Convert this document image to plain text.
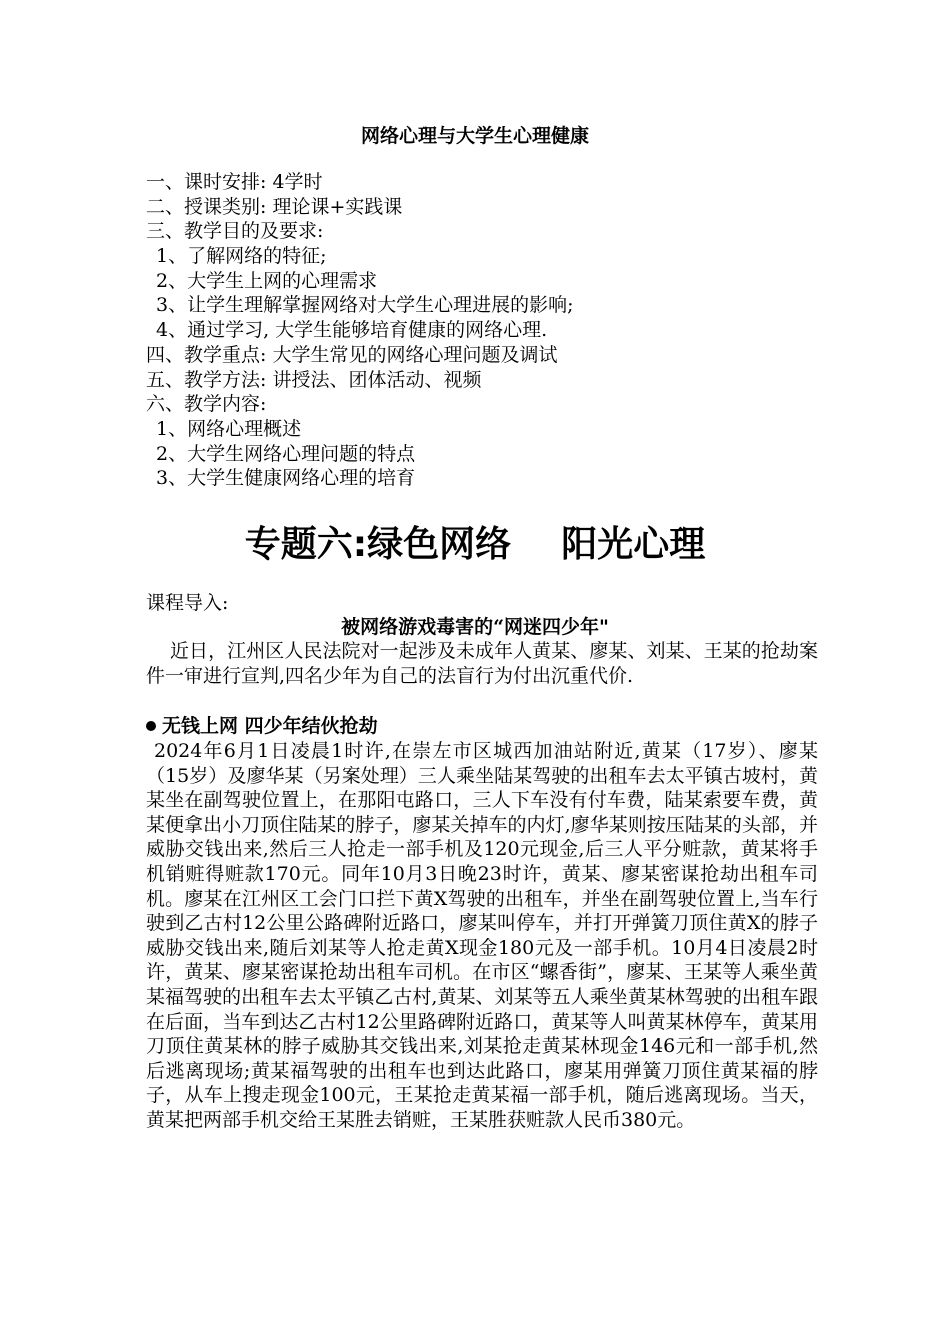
网络心理与大学生心理健康
一、课时安排: 4学时
二、授课类别: 理论课+实践课
三、教学目的及要求:
1、了解网络的特征;
2、大学生上网的心理需求
3、让学生理解掌握网络对大学生心理进展的影响;
4、通过学习, 大学生能够培育健康的网络心理.
四、教学重点: 大学生常见的网络心理问题及调试
五、教学方法: 讲授法、团体活动、视频
六、教学内容:
1、网络心理概述
2、大学生网络心理问题的特点
3、大学生健康网络心理的培育
专题六:绿色网络    阳光心理
课程导入:
被网络游戏毒害的“网迷四少年"
近日，江州区人民法院对一起涉及未成年人黄某、廖某、刘某、王某的抢劫案件一审进行宣判,四名少年为自己的法盲行为付出沉重代价.
无钱上网 四少年结伙抢劫
2024年6月1日凌晨1时许,在崇左市区城西加油站附近,黄某（17岁）、廖某（15岁）及廖华某（另案处理）三人乘坐陆某驾驶的出租车去太平镇古坡村，黄某坐在副驾驶位置上，在那阳屯路口，三人下车没有付车费，陆某索要车费，黄某便拿出小刀顶住陆某的脖子，廖某关掉车的内灯,廖华某则按压陆某的头部，并威胁交钱出来,然后三人抢走一部手机及120元现金,后三人平分赃款，黄某将手机销赃得赃款170元。同年10月3日晚23时许，黄某、廖某密谋抢劫出租车司机。廖某在江州区工会门口拦下黄X驾驶的出租车，并坐在副驾驶位置上,当车行驶到乙古村12公里公路碑附近路口，廖某叫停车，并打开弹簧刀顶住黄X的脖子威胁交钱出来,随后刘某等人抢走黄X现金180元及一部手机。10月4日凌晨2时许，黄某、廖某密谋抢劫出租车司机。在市区“螺香街”，廖某、王某等人乘坐黄某福驾驶的出租车去太平镇乙古村,黄某、刘某等五人乘坐黄某林驾驶的出租车跟在后面，当车到达乙古村12公里路碑附近路口，黄某等人叫黄某林停车，黄某用刀顶住黄某林的脖子威胁其交钱出来,刘某抢走黄某林现金146元和一部手机,然后逃离现场;黄某福驾驶的出租车也到达此路口，廖某用弹簧刀顶住黄某福的脖子，从车上搜走现金100元，王某抢走黄某福一部手机，随后逃离现场。当天，黄某把两部手机交给王某胜去销赃，王某胜获赃款人民币380元。
